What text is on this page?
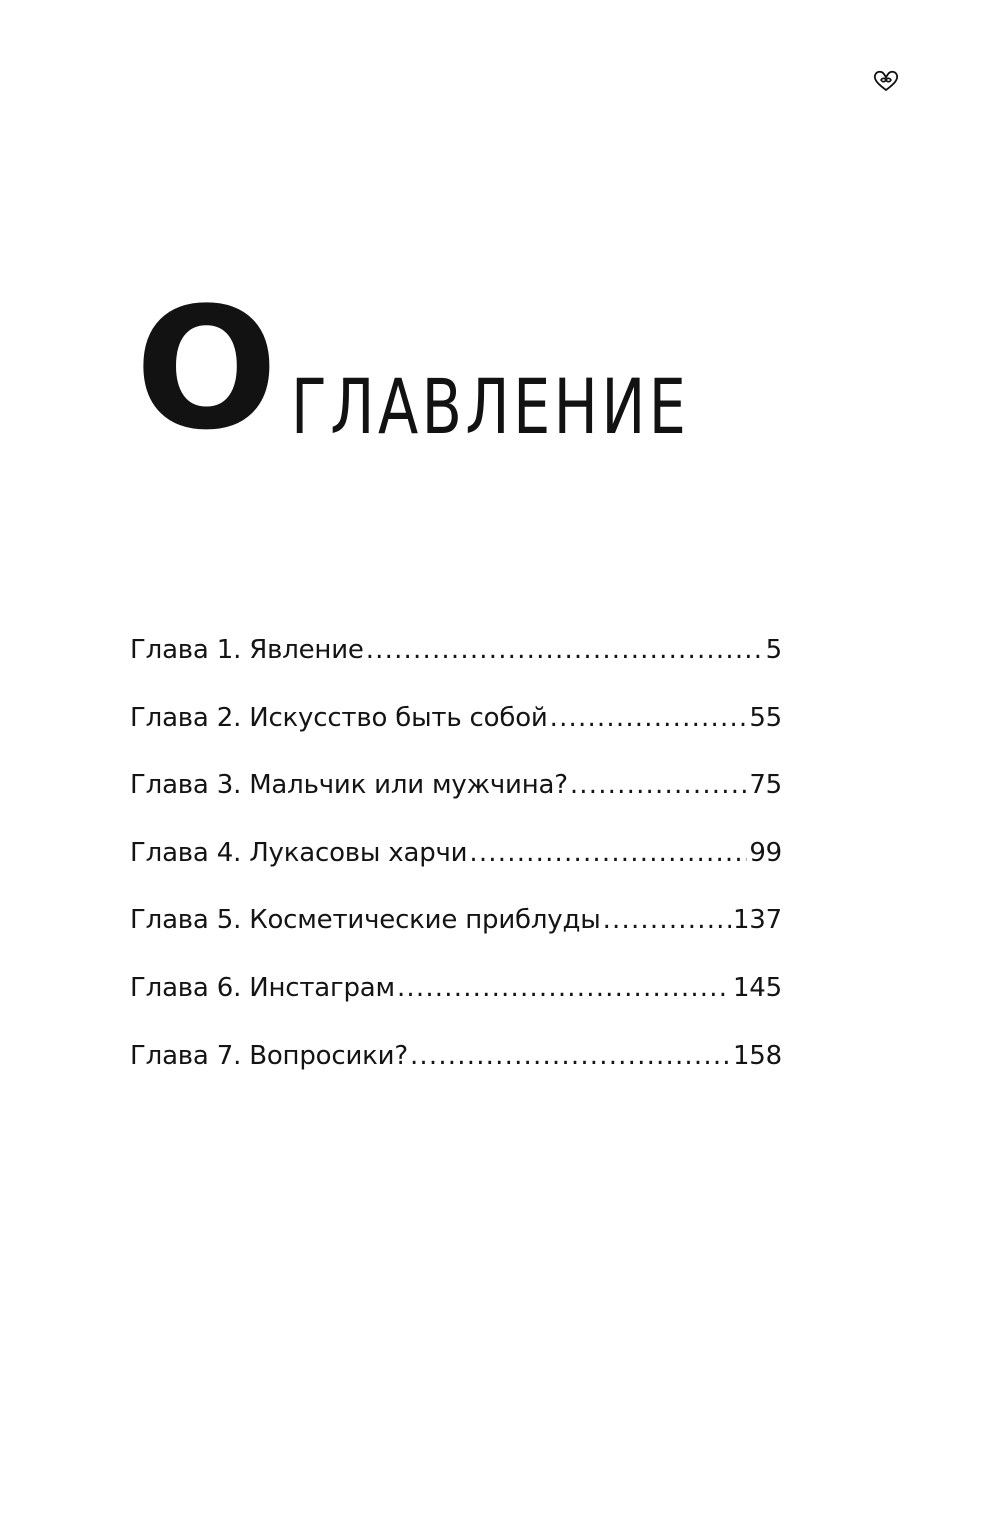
О ГЛАВЛЕНИЕ
Глава 1. Явление .....	5
Глава 2. Искусство быть собой .....	55
Глава 3. Мальчик или мужчина? .....	75
Глава 4. Лукасовы харчи .....	99
Глава 5. Косметические приблуды .....	137
Глава 6. Инстаграм .....	145
Глава 7. Вопросики? .....	158
